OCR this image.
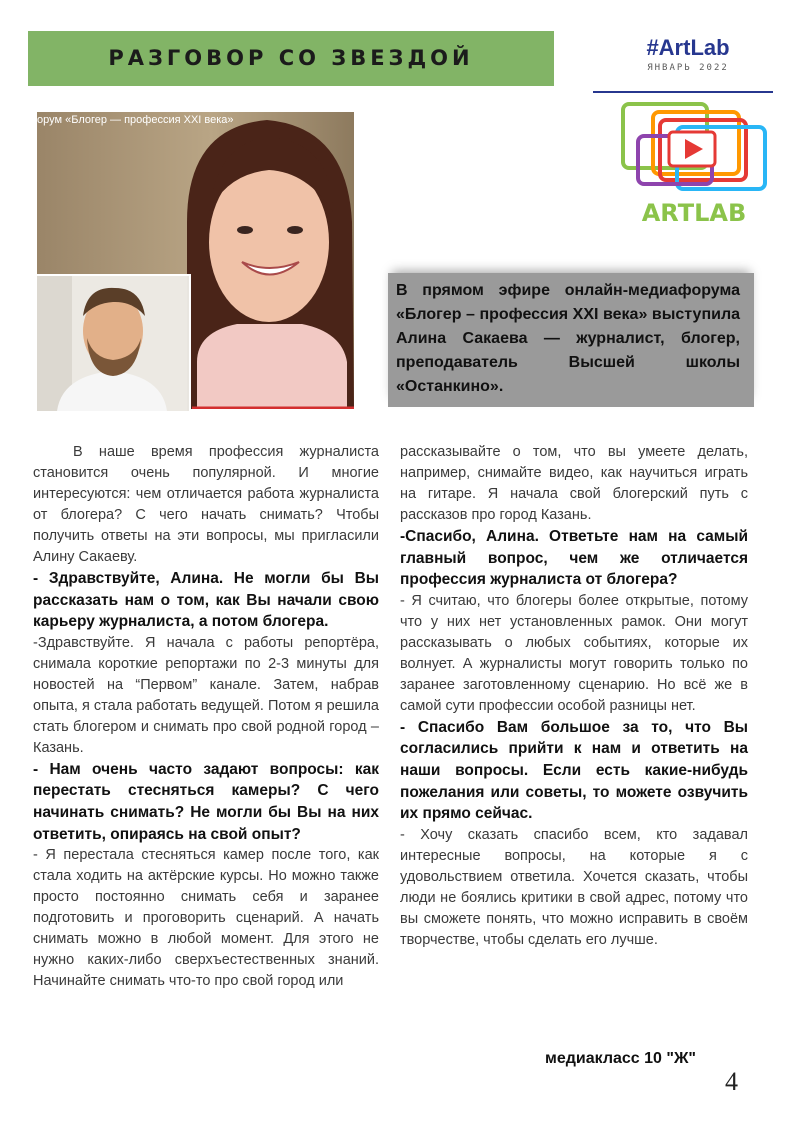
РАЗГОВОР СО ЗВЕЗДОЙ	#ArtLab
ЯНВАРЬ 2022
ARTLAB
орум «Блогер — профессия XXI века»
В прямом эфире онлайн-медиафорума «Блогер – профессия XXI века» выступила Алина Сакаева — журналист, блогер, преподаватель Высшей школы «Останкино».

В наше время профессия журналиста становится очень популярной. И многие интересуются: чем отличается работа журналиста от блогера? С чего начать снимать? Чтобы получить ответы на эти вопросы, мы пригласили Алину Сакаеву.

- Здравствуйте, Алина. Не могли бы Вы рассказать нам о том, как Вы начали свою карьеру журналиста, а потом блогера.

-Здравствуйте. Я начала с работы репортёра, снимала короткие репортажи по 2-3 минуты для новостей на “Первом” канале. Затем, набрав опыта, я стала работать ведущей. Потом я решила стать блогером и снимать про свой родной город – Казань.

- Нам очень часто задают вопросы: как перестать стесняться камеры? С чего начинать снимать? Не могли бы Вы на них ответить, опираясь на свой опыт?

- Я перестала стесняться камер после того, как стала ходить на актёрские курсы. Но можно также просто постоянно снимать себя и заранее подготовить и проговорить сценарий. А начать снимать можно в любой момент. Для этого не нужно каких-либо сверхъестественных знаний. Начинайте снимать что-то про свой город или

рассказывайте о том, что вы умеете делать, например, снимайте видео, как научиться играть на гитаре. Я начала свой блогерский путь с рассказов про город Казань.

-Спасибо, Алина. Ответьте нам на самый главный вопрос, чем же отличается профессия журналиста от блогера?

- Я считаю, что блогеры более открытые, потому что у них нет установленных рамок. Они могут рассказывать о любых событиях, которые их волнует. А журналисты могут говорить только по заранее заготовленному сценарию. Но всё же в самой сути профессии особой разницы нет.

- Спасибо Вам большое за то, что Вы согласились прийти к нам и ответить на наши вопросы. Если есть какие-нибудь пожелания или советы, то можете озвучить их прямо сейчас.

- Хочу сказать спасибо всем, кто задавал интересные вопросы, на которые я с удовольствием ответила. Хочется сказать, чтобы люди не боялись критики в свой адрес, потому что вы сможете понять, что можно исправить в своём творчестве, чтобы сделать его лучше.

медиакласс 10 "Ж"
4
